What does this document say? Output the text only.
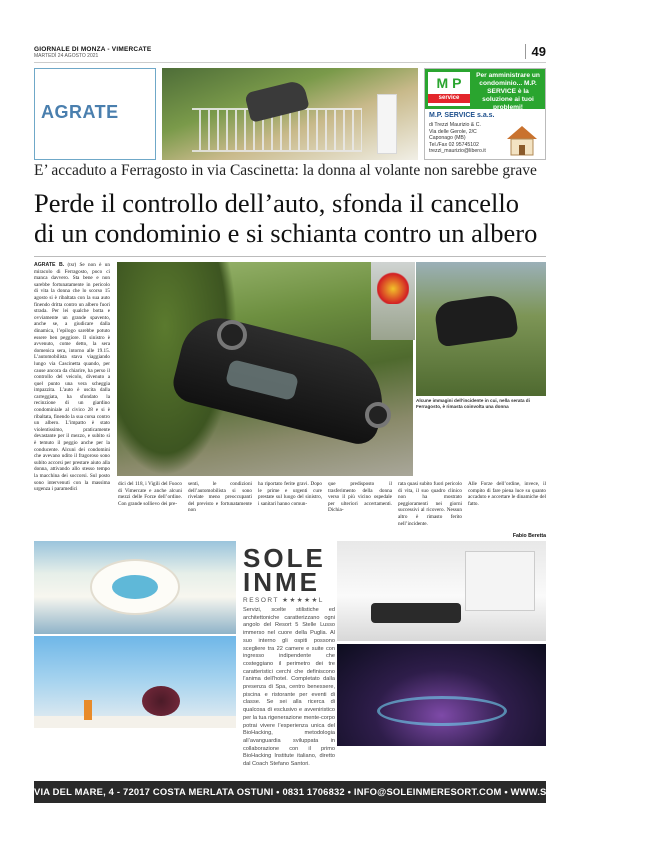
GIORNALE DI MONZA - VIMERCATE
MARTEDÌ 24 AGOSTO 2021	49
AGRATE
M P
service
Per amministrare un condominio... M.P. SERVICE è la soluzione ai tuoi problemi!
M.P. SERVICE s.a.s.
di Trezzi Maurizio & C.
Via delle Gerole, 2/C
Caponago (MB)
Tel./Fax 02 95745102
trezzi_maurizio@libero.it
E’ accaduto a Ferragosto in via Cascinetta: la donna al volante non sarebbe grave
Perde il controllo dell’auto, sfonda il cancello
di un condominio e si schianta contro un albero
AGRATE B. (tsr) Se non è un miracolo di Ferragosto, poco ci manca davvero. Sta bene e non sarebbe fortunatamente in pericolo di vita la donna che lo scorso 15 agosto si è ribaltata con la sua auto finendo dritta contro un albero fuori strada. Per lei qualche botta e ovviamente un grande spavento, anche se, a giudicare dalla dinamica, l’epilogo sarebbe potuto essere ben peggiore. Il sinistro è avvenuto, come detto, la sera domenica sera, intorno alle 19.15. L’automobilista stava viaggiando lungo via Cascinetta quando, per cause ancora da chiarire, ha perso il controllo del veicolo, divenuto a quel punto una vera scheggia impazzita. L’auto è uscita dalla carreggiata, ha sfondato la recinzione di un giardino condominiale al civico 28 e si è ribaltata, finendo la sua corsa contro un albero. L’impatto è stato violentissimo, praticamente devastante per il mezzo, e subito si è temuto il peggio anche per la conducente. Alcuni dei condomini che avevano udito il fragoroso sono subito accorsi per prestare aiuto alla donna, attivando allo stesso tempo la macchina dei soccorsi. Sul posto sono intervenuti con la massima urgenza i paramedici
Alcune immagini dell’incidente in cui, nella serata di Ferragosto, è rimasta coinvolta una donna
dici del 118, i Vigili del Fuoco di Vimercate e anche alcuni mezzi delle Forze dell’ordine. Con grande sollievo dei pre-
senti, le condizioni dell’automobilista si sono rivelate meno preoccupanti del previsto e fortunatamente non
ha riportato ferite gravi. Dopo le prime e urgenti cure prestate sul luogo del sinistro, i sanitari hanno comun-
que predisposto il trasferimento della donna verso il più vicino ospedale per ulteriori accertamenti. Dichia-
rata quasi subito fuori pericolo di vita, il suo quadro clinico non ha mostrato peggioramenti nei giorni successivi al ricovero. Nessun altro è rimasto ferito nell’incidente.
Alle Forze dell’ordine, invece, il compito di fare piena luce su quanto accaduto e accertare le dinamiche del fatto.
Fabio Beretta
SOLE
INME
RESORT ★★★★★L
Servizi, scelte stilistiche ed architettoniche caratterizzano ogni angolo del Resort 5 Stelle Lusso immerso nel cuore della Puglia. Al suo interno gli ospiti possono scegliere tra 22 camere e suite con ingresso indipendente che costeggiano il perimetro dei tre caratteristici cerchi che definiscono l’anima dell’hotel. Completato dalla presenza di Spa, centro benessere, piscina e ristorante per eventi di classe. Se sei alla ricerca di qualcosa di esclusivo e avveniristico per la tua rigenerazione mente-corpo potrai vivere l’esperienza unica del BioHacking, metodologia all’avanguardia sviluppata in collaborazione con il primo BioHacking Institute italiano, diretto dal Coach Stefano Santori.
VIA DEL MARE, 4 - 72017 COSTA MERLATA OSTUNI • 0831 1706832 • INFO@SOLEINMERESORT.COM • WWW.SOLEINMERESORT.COM
